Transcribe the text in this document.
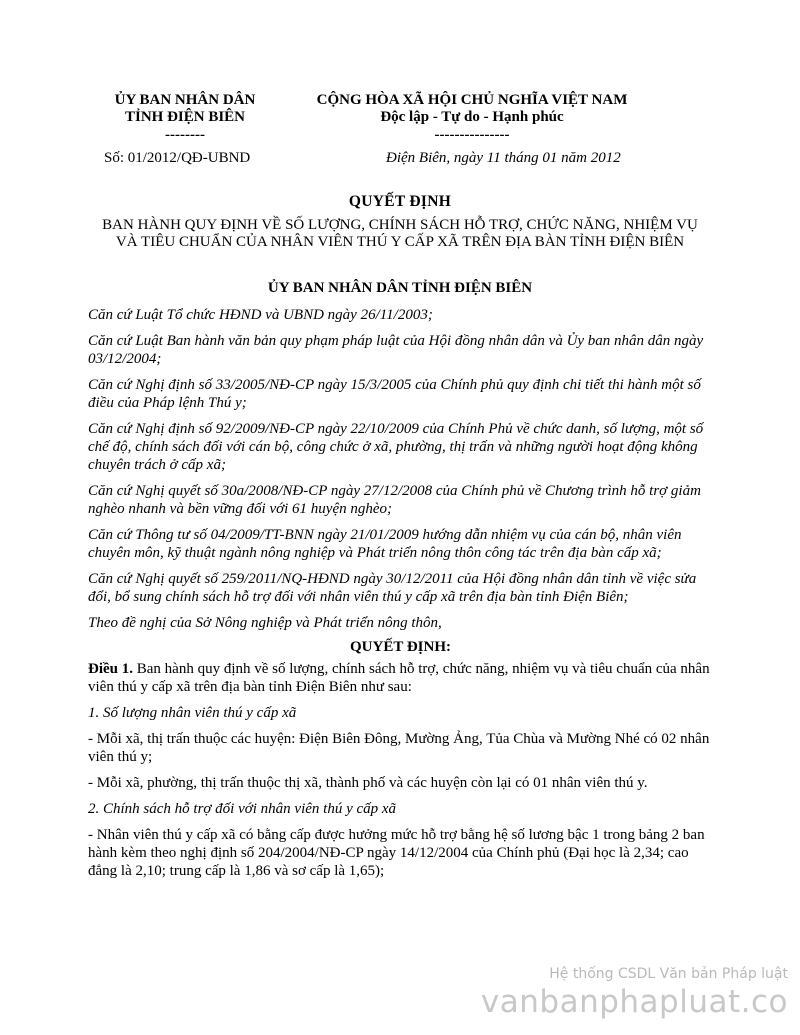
ỦY BAN NHÂN DÂN
TỈNH ĐIỆN BIÊN
--------
CỘNG HÒA XÃ HỘI CHỦ NGHĨA VIỆT NAM
Độc lập - Tự do - Hạnh phúc
---------------
Số: 01/2012/QĐ-UBND	Điện Biên, ngày 11 tháng 01 năm 2012
QUYẾT ĐỊNH
BAN HÀNH QUY ĐỊNH VỀ SỐ LƯỢNG, CHÍNH SÁCH HỖ TRỢ, CHỨC NĂNG, NHIỆM VỤ VÀ TIÊU CHUẨN CỦA NHÂN VIÊN THÚ Y CẤP XÃ TRÊN ĐỊA BÀN TỈNH ĐIỆN BIÊN
ỦY BAN NHÂN DÂN TỈNH ĐIỆN BIÊN

Căn cứ Luật Tổ chức HĐND và UBND ngày 26/11/2003;

Căn cứ Luật Ban hành văn bản quy phạm pháp luật của Hội đồng nhân dân và Ủy ban nhân dân ngày 03/12/2004;

Căn cứ Nghị định số 33/2005/NĐ-CP ngày 15/3/2005 của Chính phủ quy định chi tiết thi hành một số điều của Pháp lệnh Thú y;

Căn cứ Nghị định số 92/2009/NĐ-CP ngày 22/10/2009 của Chính Phủ về chức danh, số lượng, một số chế độ, chính sách đối với cán bộ, công chức ở xã, phường, thị trấn và những người hoạt động không chuyên trách ở cấp xã;

Căn cứ Nghị quyết số 30a/2008/NĐ-CP ngày 27/12/2008 của Chính phủ về Chương trình hỗ trợ giảm nghèo nhanh và bền vững đối với 61 huyện nghèo;

Căn cứ Thông tư số 04/2009/TT-BNN ngày 21/01/2009 hướng dẫn nhiệm vụ của cán bộ, nhân viên chuyên môn, kỹ thuật ngành nông nghiệp và Phát triển nông thôn công tác trên địa bàn cấp xã;

Căn cứ Nghị quyết số 259/2011/NQ-HĐND ngày 30/12/2011 của Hội đồng nhân dân tỉnh về việc sửa đổi, bổ sung chính sách hỗ trợ đối với nhân viên thú y cấp xã trên địa bàn tỉnh Điện Biên;

Theo đề nghị của Sở Nông nghiệp và Phát triển nông thôn,

QUYẾT ĐỊNH:

Điều 1. Ban hành quy định về số lượng, chính sách hỗ trợ, chức năng, nhiệm vụ và tiêu chuẩn của nhân viên thú y cấp xã trên địa bàn tỉnh Điện Biên như sau:

1. Số lượng nhân viên thú y cấp xã

- Mỗi xã, thị trấn thuộc các huyện: Điện Biên Đông, Mường Ảng, Tủa Chùa và Mường Nhé có 02 nhân viên thú y;

- Mỗi xã, phường, thị trấn thuộc thị xã, thành phố và các huyện còn lại có 01 nhân viên thú y.

2. Chính sách hỗ trợ đối với nhân viên thú y cấp xã

- Nhân viên thú y cấp xã có bằng cấp được hưởng mức hỗ trợ bằng hệ số lương bậc 1 trong bảng 2 ban hành kèm theo nghị định số 204/2004/NĐ-CP ngày 14/12/2004 của Chính phủ (Đại học là 2,34; cao đẳng là 2,10; trung cấp là 1,86 và sơ cấp là 1,65);

Hệ thống CSDL Văn bản Pháp luật
vanbanphapluat.co
